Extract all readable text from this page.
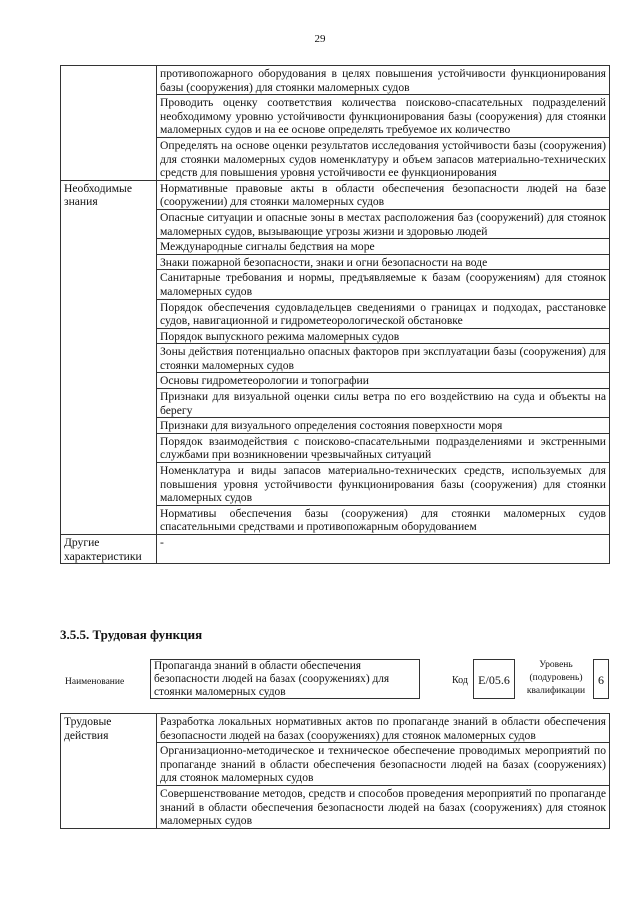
29
	противопожарного оборудования в целях повышения устойчивости функционирования базы (сооружения) для стоянки маломерных судов
	Проводить оценку соответствия количества поисково-спасательных подразделений необходимому уровню устойчивости функционирования базы (сооружения) для стоянки маломерных судов и на ее основе определять требуемое их количество
	Определять на основе оценки результатов исследования устойчивости базы (сооружения) для стоянки маломерных судов номенклатуру и объем запасов материально-технических средств для повышения уровня устойчивости ее функционирования
Необходимые знания	Нормативные правовые акты в области обеспечения безопасности людей на базе (сооружении) для стоянки маломерных судов
	Опасные ситуации и опасные зоны в местах расположения баз (сооружений) для стоянок маломерных судов, вызывающие угрозы жизни и здоровью людей
	Международные сигналы бедствия на море
	Знаки пожарной безопасности, знаки и огни безопасности на воде
	Санитарные требования и нормы, предъявляемые к базам (сооружениям) для стоянок маломерных судов
	Порядок обеспечения судовладельцев сведениями о границах и подходах, расстановке судов, навигационной и гидрометеорологической обстановке
	Порядок выпускного режима маломерных судов
	Зоны действия потенциально опасных факторов при эксплуатации базы (сооружения) для стоянки маломерных судов
	Основы гидрометеорологии и топографии
	Признаки для визуальной оценки силы ветра по его воздействию на суда и объекты на берегу
	Признаки для визуального определения состояния поверхности моря
	Порядок взаимодействия с поисково-спасательными подразделениями и экстренными службами при возникновении чрезвычайных ситуаций
	Номенклатура и виды запасов материально-технических средств, используемых для повышения уровня устойчивости функционирования базы (сооружения) для стоянки маломерных судов
	Нормативы обеспечения базы (сооружения) для стоянки маломерных судов спасательными средствами и противопожарным оборудованием
Другие характеристики	-
3.5.5. Трудовая функция
Наименование
Пропаганда знаний в области обеспечения безопасности людей на базах (сооружениях) для стоянки маломерных судов
Код E/05.6
Уровень (подуровень) квалификации
6
Трудовые действия	Разработка локальных нормативных актов по пропаганде знаний в области обеспечения безопасности людей на базах (сооружениях) для стоянок маломерных судов
	Организационно-методическое и техническое обеспечение проводимых мероприятий по пропаганде знаний в области обеспечения безопасности людей на базах (сооружениях) для стоянок маломерных судов
	Совершенствование методов, средств и способов проведения мероприятий по пропаганде знаний в области обеспечения безопасности людей на базах (сооружениях) для стоянок маломерных судов
